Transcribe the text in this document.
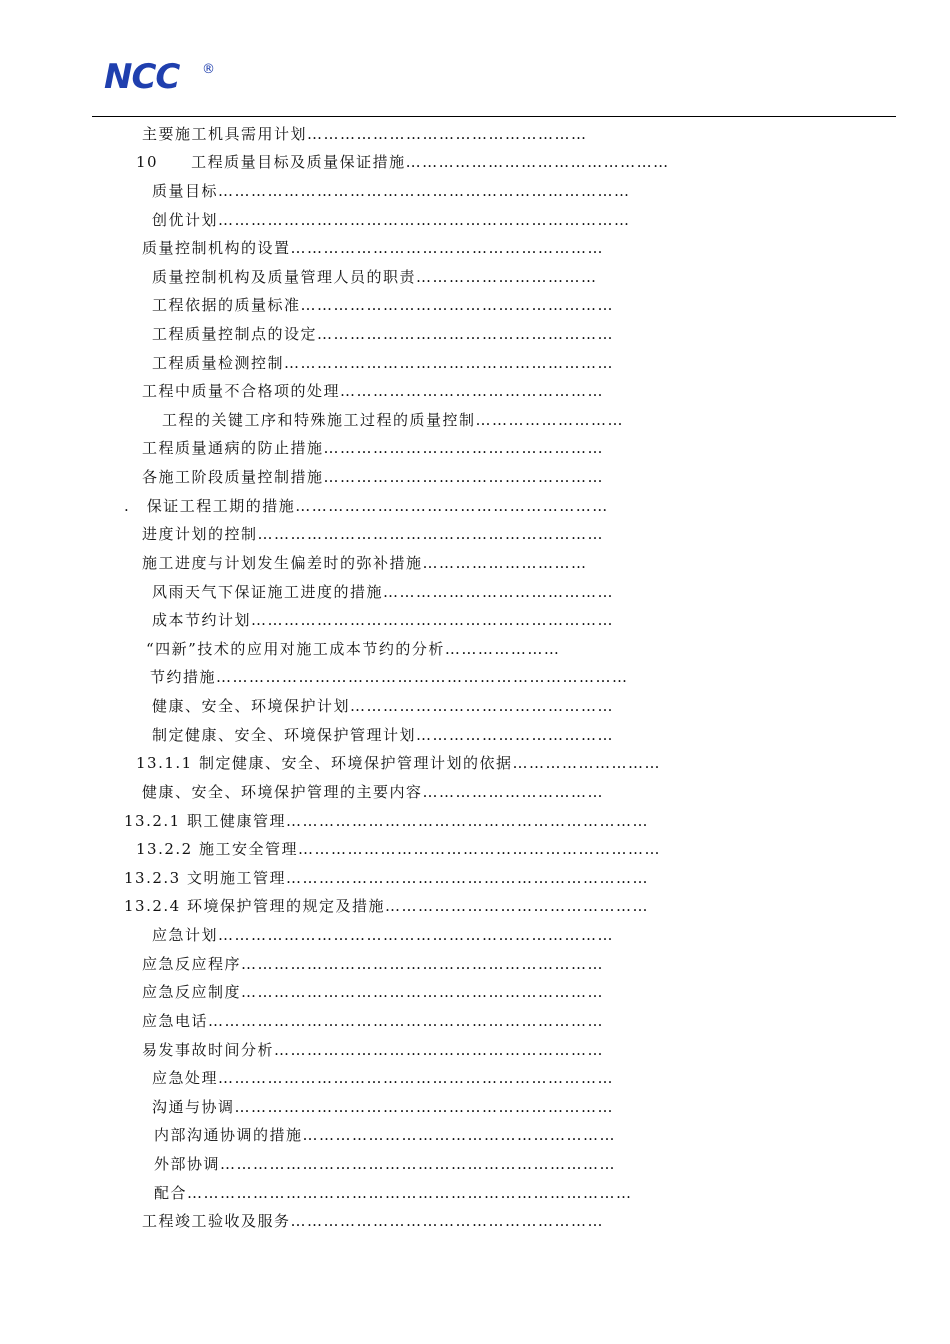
NCC ®
主要施工机具需用计划……………………………………………
10　　工程质量目标及质量保证措施…………………………………………
质量目标…………………………………………………………………
创优计划…………………………………………………………………
质量控制机构的设置…………………………………………………
质量控制机构及质量管理人员的职责……………………………
工程依据的质量标准…………………………………………………
工程质量控制点的设定………………………………………………
工程质量检测控制……………………………………………………
工程中质量不合格项的处理…………………………………………
工程的关键工序和特殊施工过程的质量控制………………………
工程质量通病的防止措施……………………………………………
各施工阶段质量控制措施……………………………………………
.　保证工程工期的措施…………………………………………………
进度计划的控制………………………………………………………
施工进度与计划发生偏差时的弥补措施…………………………
风雨天气下保证施工进度的措施……………………………………
成本节约计划…………………………………………………………
“四新”技术的应用对施工成本节约的分析…………………
节约措施…………………………………………………………………
健康、安全、环境保护计划…………………………………………
制定健康、安全、环境保护管理计划………………………………
13.1.1 制定健康、安全、环境保护管理计划的依据………………………
健康、安全、环境保护管理的主要内容……………………………
13.2.1 职工健康管理…………………………………………………………
13.2.2 施工安全管理…………………………………………………………
13.2.3 文明施工管理…………………………………………………………
13.2.4 环境保护管理的规定及措施…………………………………………
应急计划………………………………………………………………
应急反应程序…………………………………………………………
应急反应制度…………………………………………………………
应急电话………………………………………………………………
易发事故时间分析……………………………………………………
应急处理………………………………………………………………
沟通与协调……………………………………………………………
内部沟通协调的措施…………………………………………………
外部协调………………………………………………………………
配合………………………………………………………………………
工程竣工验收及服务…………………………………………………
